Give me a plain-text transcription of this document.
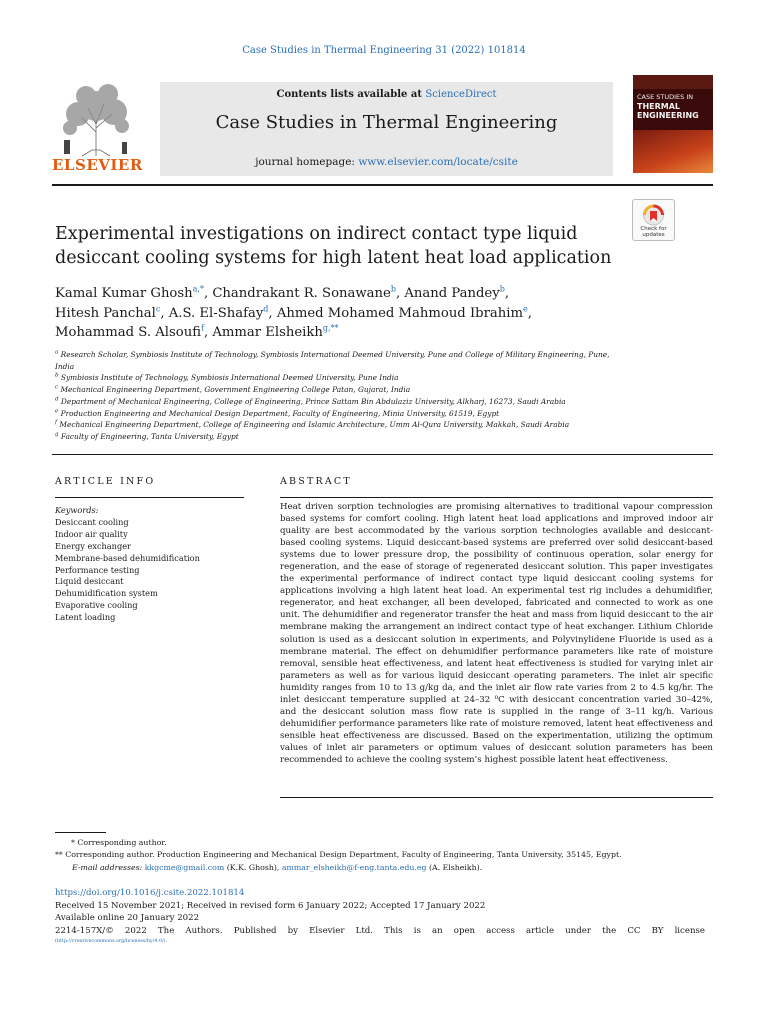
Case Studies in Thermal Engineering 31 (2022) 101814
ELSEVIER
Contents lists available at ScienceDirect
Case Studies in Thermal Engineering
journal homepage: www.elsevier.com/locate/csite
CASE STUDIES IN
THERMAL
ENGINEERING
Check for
updates
Experimental investigations on indirect contact type liquid
desiccant cooling systems for high latent heat load application
Kamal Kumar Ghosh$^{a,*}$, Chandrakant R. Sonawane$^b$, Anand Pandey$^b$,
Hitesh Panchal$^c$, A.S. El-Shafay$^d$, Ahmed Mohamed Mahmoud Ibrahim$^e$,
Mohammad S. Alsoufi$^f$, Ammar Elsheikh$^{g,**}$
$^a$ Research Scholar, Symbiosis Institute of Technology, Symbiosis International Deemed University, Pune and College of Military Engineering, Pune, India
$^b$ Symbiosis Institute of Technology, Symbiosis International Deemed University, Pune India
$^c$ Mechanical Engineering Department, Government Engineering College Patan, Gujarat, India
$^d$ Department of Mechanical Engineering, College of Engineering, Prince Sattam Bin Abdulaziz University, Alkharj, 16273, Saudi Arabia
$^e$ Production Engineering and Mechanical Design Department, Faculty of Engineering, Minia University, 61519, Egypt
$^f$ Mechanical Engineering Department, College of Engineering and Islamic Architecture, Umm Al-Qura University, Makkah, Saudi Arabia
$^g$ Faculty of Engineering, Tanta University, Egypt
ARTICLE INFO
Keywords:
Desiccant cooling
Indoor air quality
Energy exchanger
Membrane-based dehumidification
Performance testing
Liquid desiccant
Dehumidification system
Evaporative cooling
Latent loading
ABSTRACT
Heat driven sorption technologies are promising alternatives to traditional vapour compression based systems for comfort cooling. High latent heat load applications and improved indoor air quality are best accommodated by the various sorption technologies available and desiccant-based cooling systems. Liquid desiccant-based systems are preferred over solid desiccant-based systems due to lower pressure drop, the possibility of continuous operation, solar energy for regeneration, and the ease of storage of regenerated desiccant solution. This paper investigates the experimental performance of indirect contact type liquid desiccant cooling systems for applications involving a high latent heat load. An experimental test rig includes a dehumidifier, regenerator, and heat exchanger, all been developed, fabricated and connected to work as one unit. The dehumidifier and regenerator transfer the heat and mass from liquid desiccant to the air membrane making the arrangement an indirect contact type of heat exchanger. Lithium Chloride solution is used as a desiccant solution in experiments, and Polyvinylidene Fluoride is used as a membrane material. The effect on dehumidifier performance parameters like rate of moisture removal, sensible heat effectiveness, and latent heat effectiveness is studied for varying inlet air parameters as well as for various liquid desiccant operating parameters. The inlet air specific humidity ranges from 10 to 13 g/kg da, and the inlet air flow rate varies from 2 to 4.5 kg/hr. The inlet desiccant temperature supplied at 24–32 ⁰C with desiccant concentration varied 30–42%, and the desiccant solution mass flow rate is supplied in the range of 3–11 kg/h. Various dehumidifier performance parameters like rate of moisture removed, latent heat effectiveness and sensible heat effectiveness are discussed. Based on the experimentation, utilizing the optimum values of inlet air parameters or optimum values of desiccant solution parameters has been recommended to achieve the cooling system’s highest possible latent heat effectiveness.
* Corresponding author.
** Corresponding author. Production Engineering and Mechanical Design Department, Faculty of Engineering, Tanta University, 35145, Egypt.
E-mail addresses: kkgcme@gmail.com (K.K. Ghosh), ammar_elsheikh@f-eng.tanta.edu.eg (A. Elsheikh).
https://doi.org/10.1016/j.csite.2022.101814
Received 15 November 2021; Received in revised form 6 January 2022; Accepted 17 January 2022
Available online 20 January 2022
2214-157X/© 2022 The Authors. Published by Elsevier Ltd. This is an open access article under the CC BY license
(http://creativecommons.org/licenses/by/4.0/).
